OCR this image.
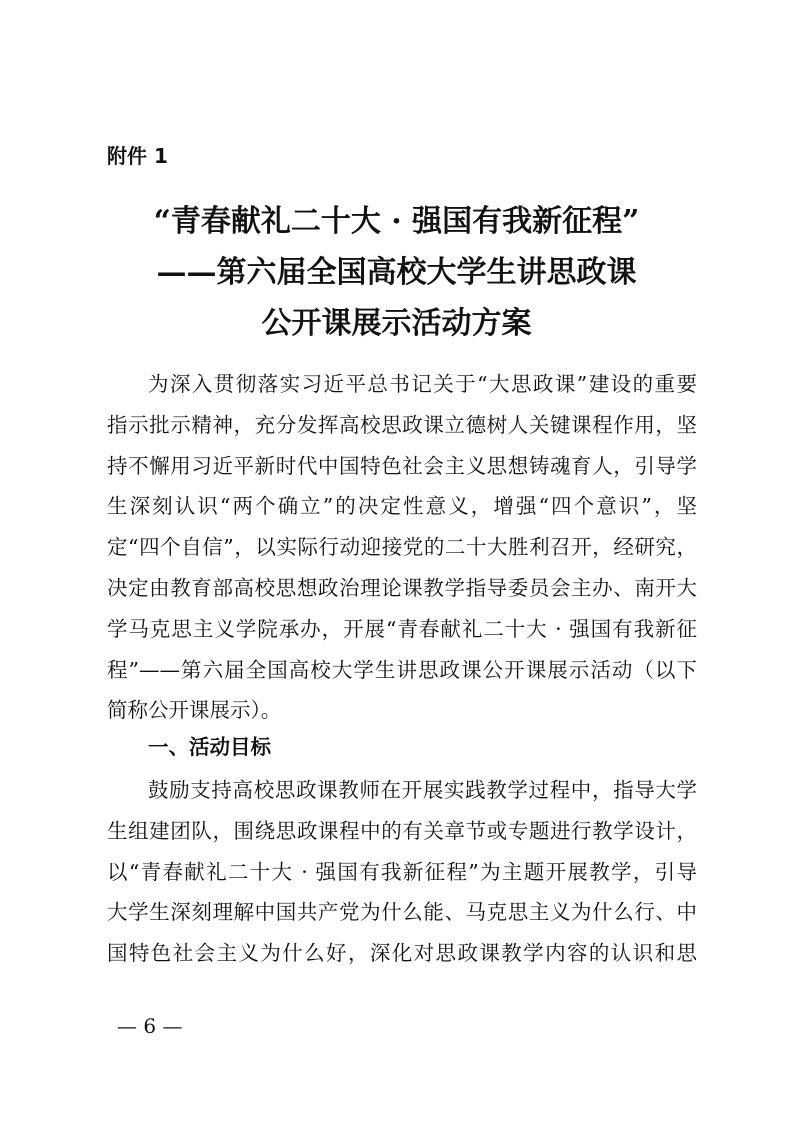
附件 1

“青春献礼二十大 · 强国有我新征程”

——第六届全国高校大学生讲思政课

公开课展示活动方案

为深入贯彻落实习近平总书记关于“大思政课”建设的重要

指示批示精神，充分发挥高校思政课立德树人关键课程作用，坚

持不懈用习近平新时代中国特色社会主义思想铸魂育人，引导学

生深刻认识“两个确立”的决定性意义，增强“四个意识”，坚

定“四个自信”，以实际行动迎接党的二十大胜利召开，经研究，

决定由教育部高校思想政治理论课教学指导委员会主办、南开大

学马克思主义学院承办，开展“青春献礼二十大 · 强国有我新征

程”——第六届全国高校大学生讲思政课公开课展示活动（以下

简称公开课展示）。

一、活动目标

鼓励支持高校思政课教师在开展实践教学过程中，指导大学

生组建团队，围绕思政课程中的有关章节或专题进行教学设计，

以“青春献礼二十大 · 强国有我新征程”为主题开展教学，引导

大学生深刻理解中国共产党为什么能、马克思主义为什么行、中

国特色社会主义为什么好，深化对思政课教学内容的认识和思

— 6 —
